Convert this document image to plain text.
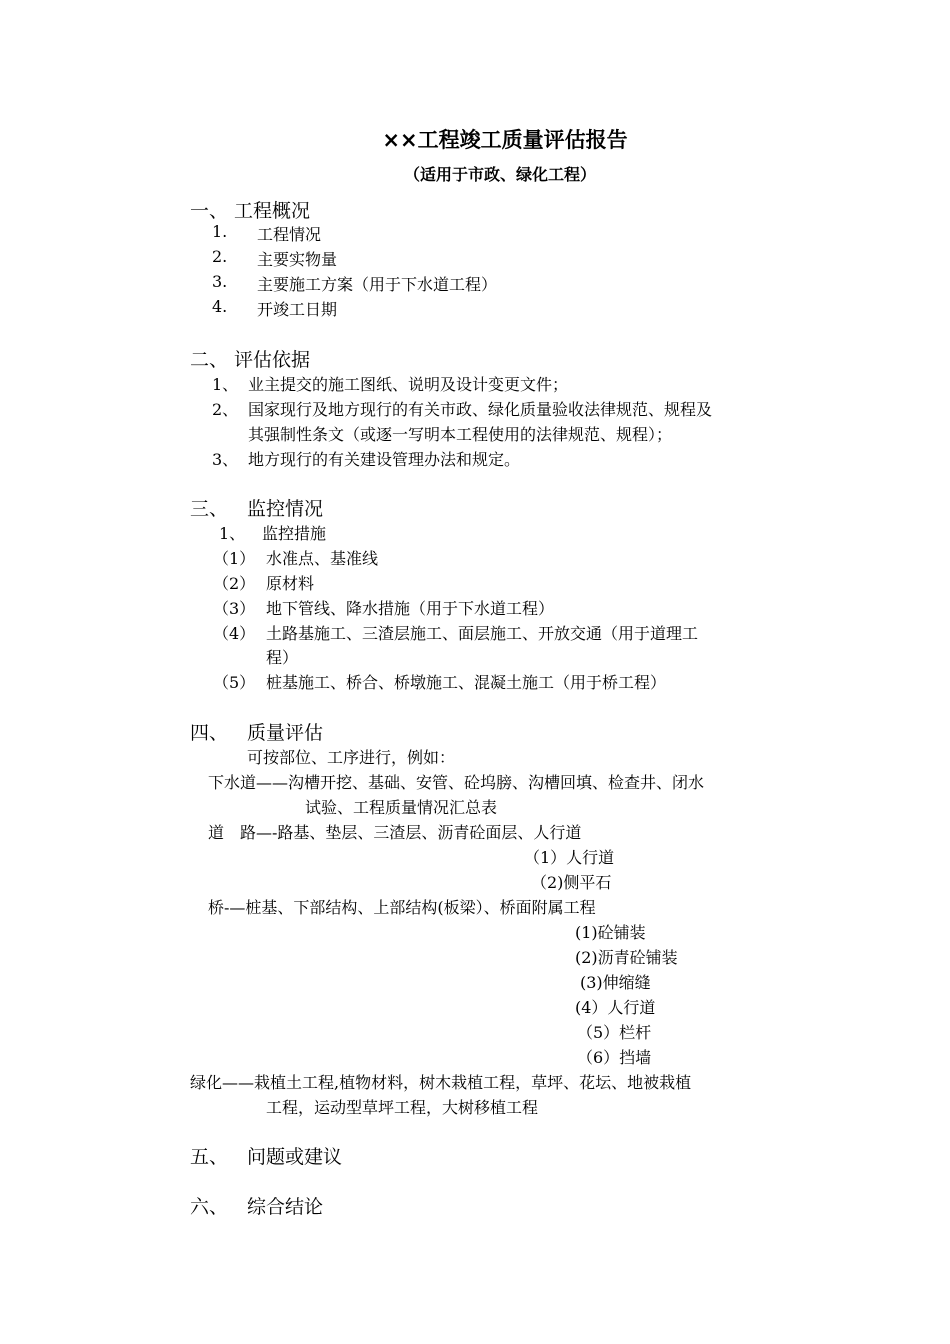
××工程竣工质量评估报告
（适用于市政、绿化工程）
一、 工程概况
1. 工程情况
2. 主要实物量
3. 主要施工方案（用于下水道工程）
4. 开竣工日期
二、 评估依据
1、 业主提交的施工图纸、说明及设计变更文件；
2、 国家现行及地方现行的有关市政、绿化质量验收法律规范、规程及
其强制性条文（或逐一写明本工程使用的法律规范、规程）；
3、 地方现行的有关建设管理办法和规定。
三、 监控情况
1、 监控措施
（1） 水准点、基准线
（2） 原材料
（3） 地下管线、降水措施（用于下水道工程）
（4） 土路基施工、三渣层施工、面层施工、开放交通（用于道理工
程）
（5） 桩基施工、桥合、桥墩施工、混凝土施工（用于桥工程）
四、 质量评估
可按部位、工序进行，例如：
下水道——沟槽开挖、基础、安管、砼坞膀、沟槽回填、检查井、闭水
试验、工程质量情况汇总表
道　路—-路基、垫层、三渣层、沥青砼面层、人行道
（1）人行道
（2)侧平石
桥-—桩基、下部结构、上部结构(板梁）、桥面附属工程
(1)砼铺装
(2)沥青砼铺装
(3)伸缩缝
(4）人行道
（5）栏杆
（6）挡墙
绿化——栽植土工程,植物材料，树木栽植工程，草坪、花坛、地被栽植
工程，运动型草坪工程，大树移植工程
五、 问题或建议
六、 综合结论
